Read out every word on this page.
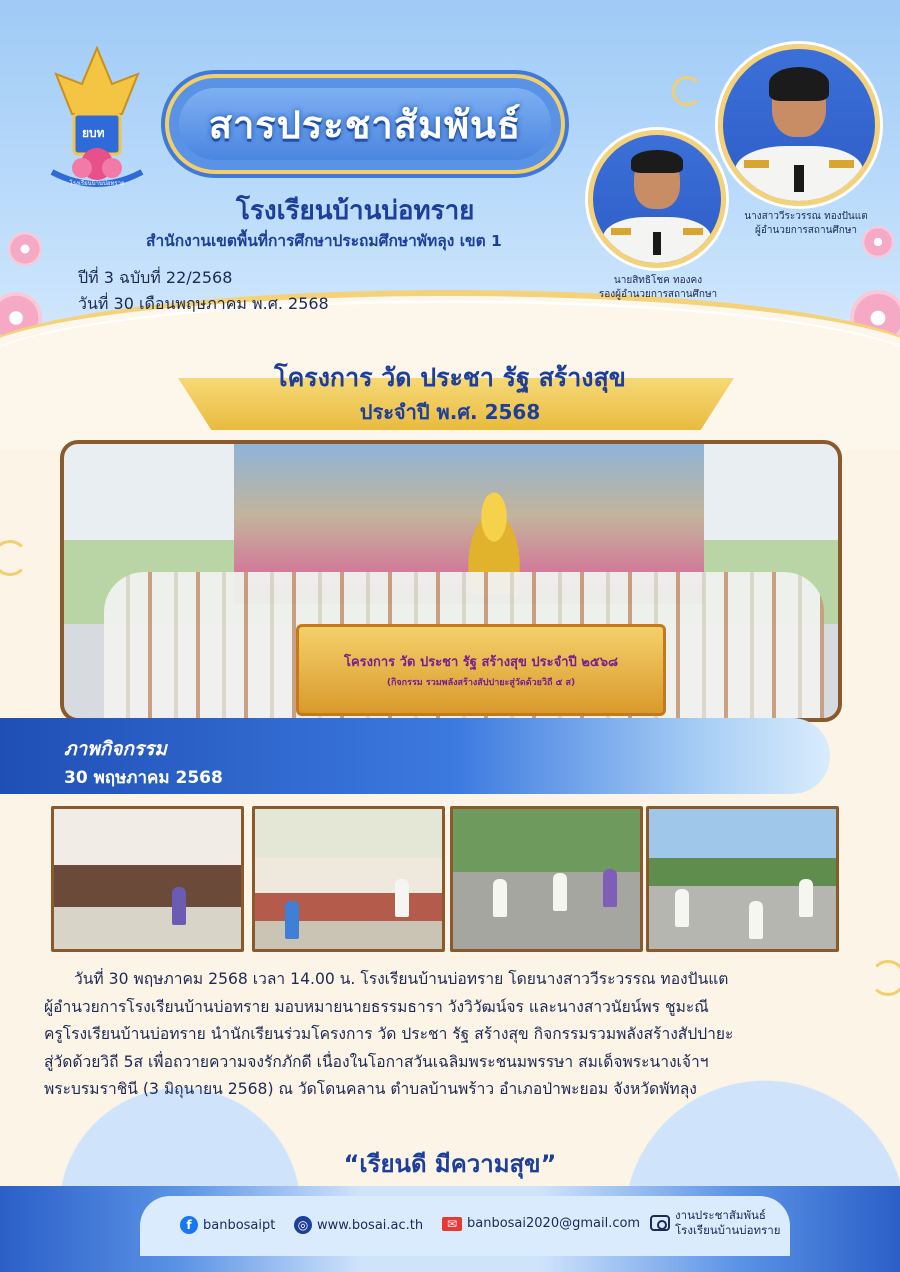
ยบท
โรงเรียนบ้านบ่อทราย
สารประชาสัมพันธ์
โรงเรียนบ้านบ่อทราย
สำนักงานเขตพื้นที่การศึกษาประถมศึกษาพัทลุง เขต 1
ปีที่ 3 ฉบับที่ 22/2568
วันที่ 30 เดือนพฤษภาคม พ.ศ. 2568
นายสิทธิโชค ทองคง
รองผู้อำนวยการสถานศึกษา
นางสาววีระวรรณ ทองปันแต
ผู้อำนวยการสถานศึกษา
โครงการ วัด ประชา รัฐ สร้างสุข
ประจำปี พ.ศ. 2568
โครงการ วัด ประชา รัฐ สร้างสุข ประจำปี ๒๕๖๘
(กิจกรรม รวมพลังสร้างสัปปายะสู่วัดด้วยวิถี ๕ ส)
ภาพกิจกรรม
30 พฤษภาคม 2568

วันที่ 30 พฤษภาคม 2568 เวลา 14.00 น. โรงเรียนบ้านบ่อทราย โดยนางสาววีระวรรณ ทองปันแต

ผู้อำนวยการโรงเรียนบ้านบ่อทราย มอบหมายนายธรรมธารา วังวิวัฒน์จร และนางสาวนัยน์พร ชูมะณี

ครูโรงเรียนบ้านบ่อทราย นำนักเรียนร่วมโครงการ วัด ประชา รัฐ สร้างสุข กิจกรรมรวมพลังสร้างสัปปายะ

สู่วัดด้วยวิถี 5ส เพื่อถวายความจงรักภักดี เนื่องในโอกาสวันเฉลิมพระชนมพรรษา สมเด็จพระนางเจ้าฯ

พระบรมราชินี (3 มิถุนายน 2568) ณ วัดโดนคลาน ตำบลบ้านพร้าว อำเภอป่าพะยอม จังหวัดพัทลุง

“เรียนดี มีความสุข”
f banbosaipt	◎ www.bosai.ac.th	✉ banbosai2020@gmail.com
งานประชาสัมพันธ์
โรงเรียนบ้านบ่อทราย
